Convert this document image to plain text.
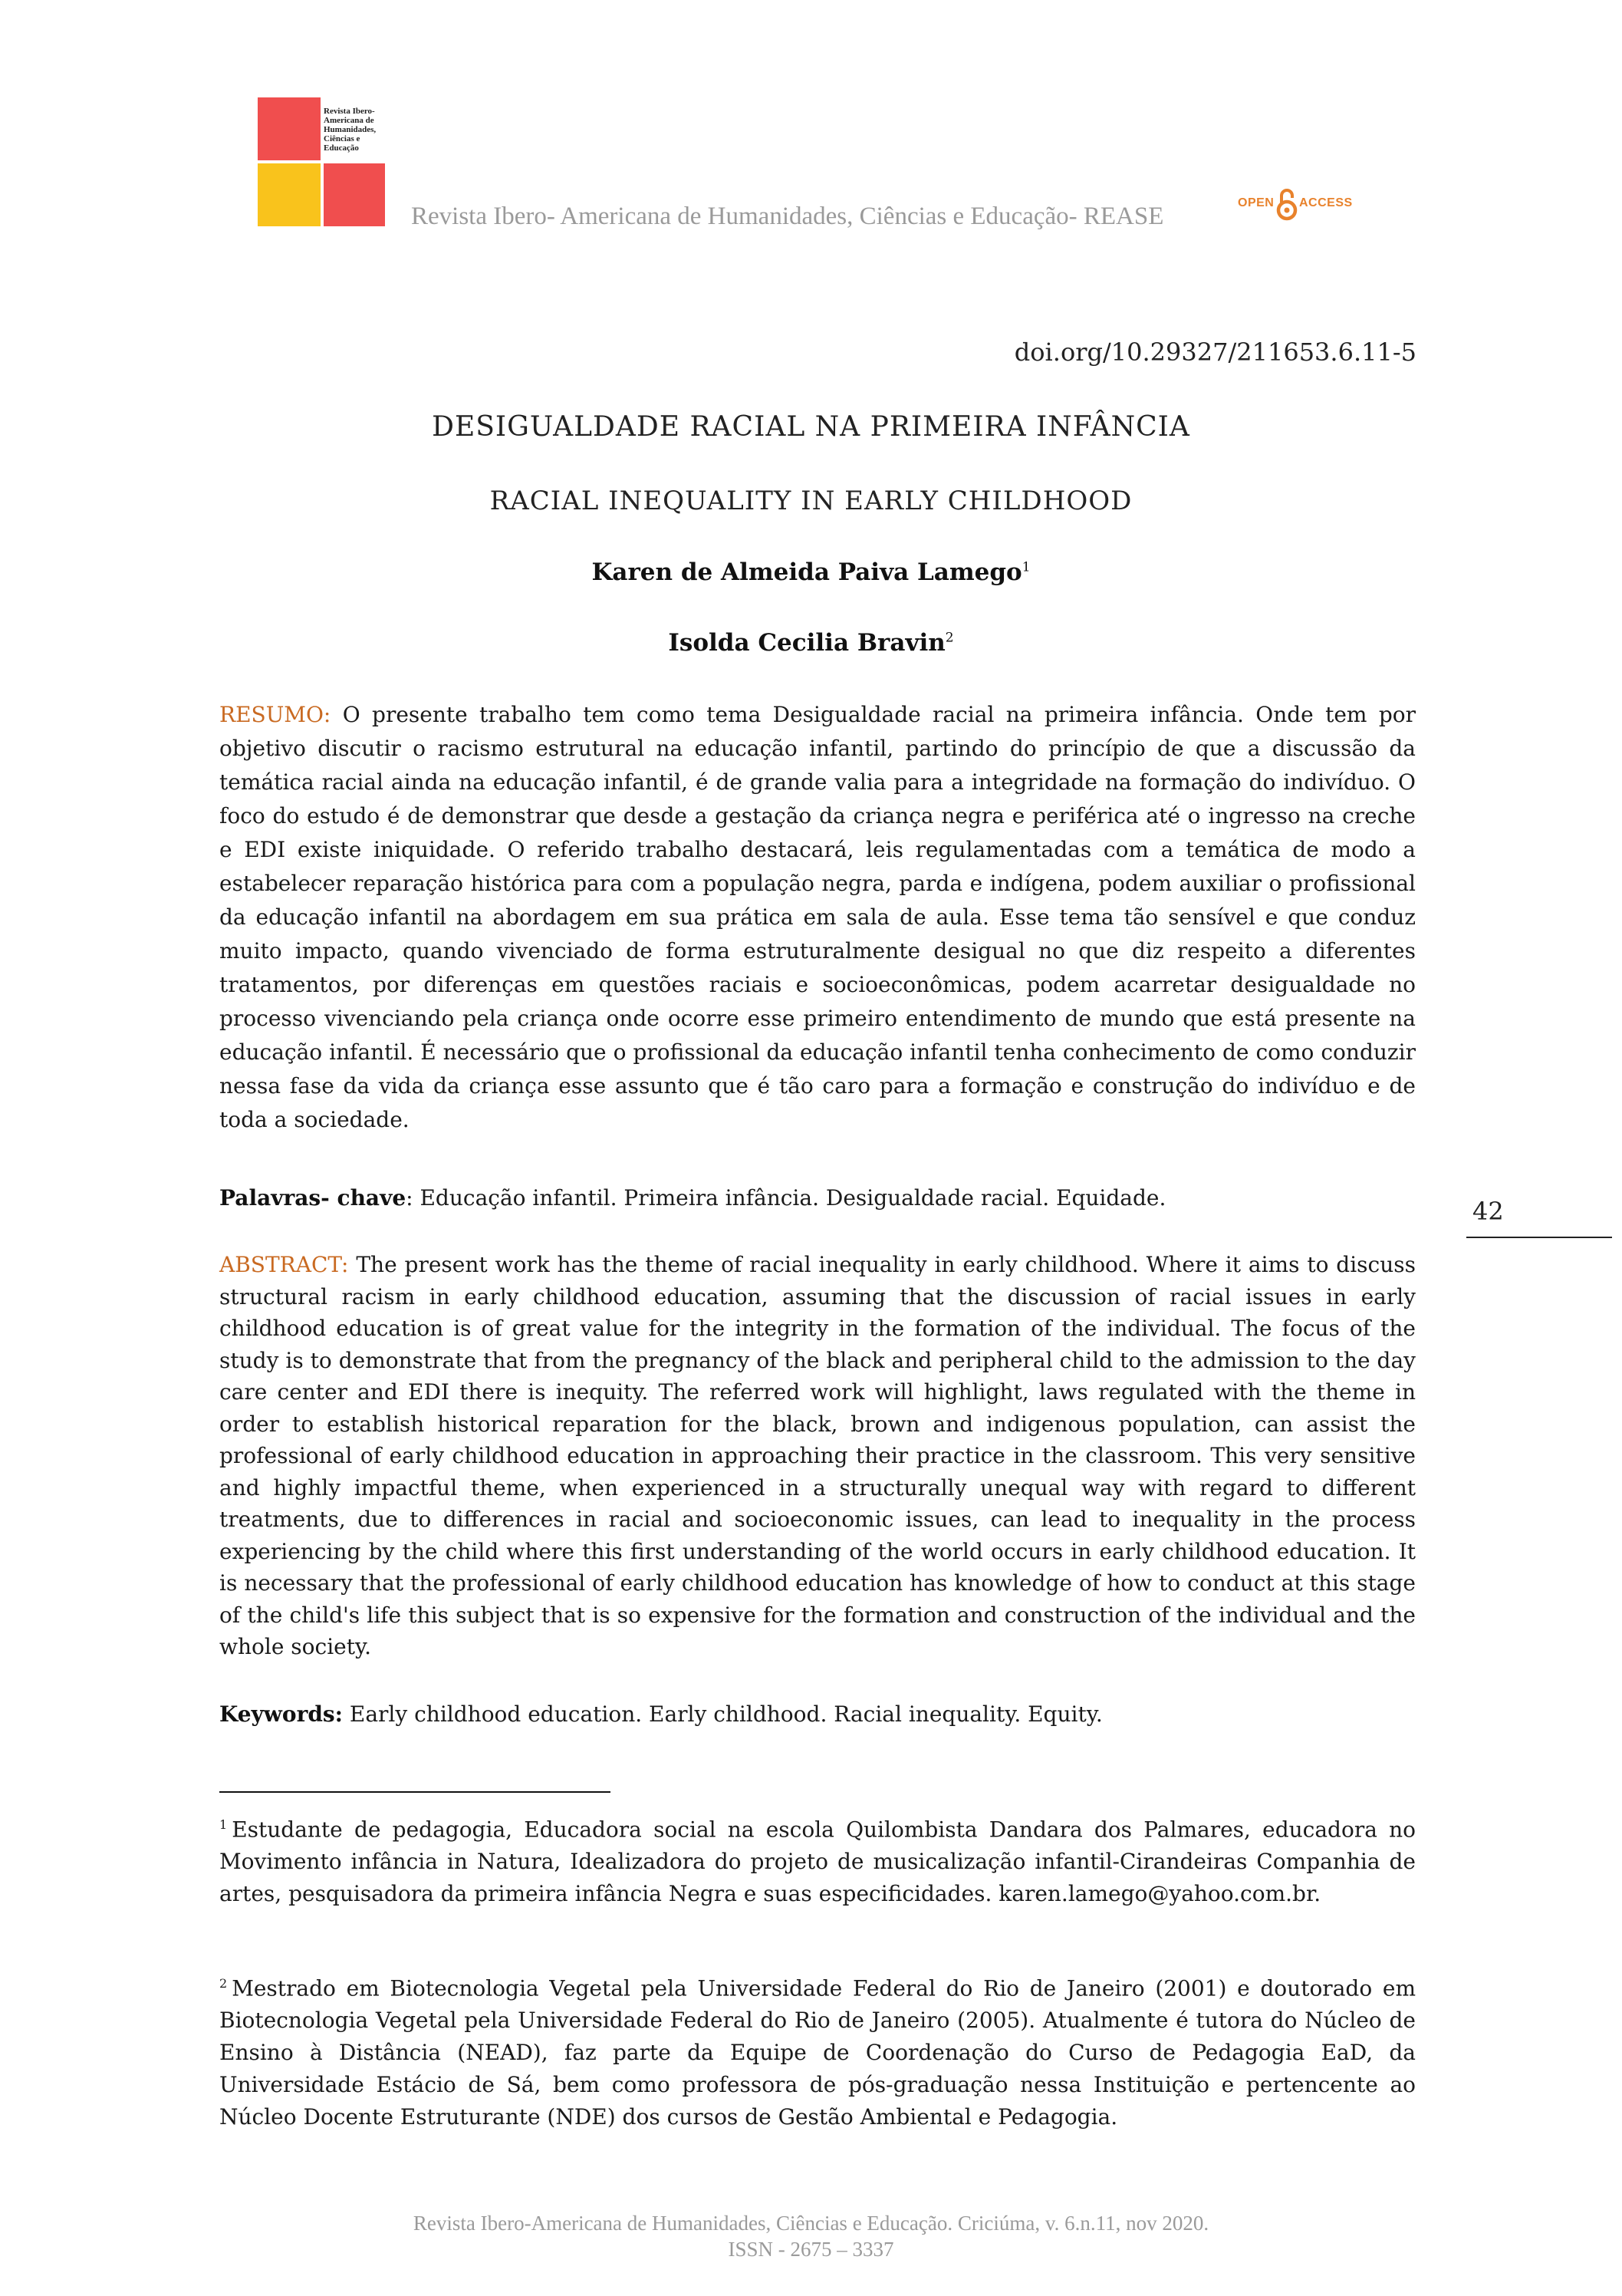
Revista Ibero-Americana de Humanidades, Ciências e Educação
Revista Ibero- Americana de Humanidades, Ciências e Educação- REASE	OPEN ACCESS
doi.org/10.29327/211653.6.11-5
DESIGUALDADE RACIAL NA PRIMEIRA INFÂNCIA
RACIAL INEQUALITY IN EARLY CHILDHOOD
Karen de Almeida Paiva Lamego$^1$
Isolda Cecilia Bravin$^2$
RESUMO: O presente trabalho tem como tema Desigualdade racial na primeira infância. Onde tem por objetivo discutir o racismo estrutural na educação infantil, partindo do princípio de que a discussão da temática racial ainda na educação infantil, é de grande valia para a integridade na formação do indivíduo. O foco do estudo é de demonstrar que desde a gestação da criança negra e periférica até o ingresso na creche e EDI existe iniquidade. O referido trabalho destacará, leis regulamentadas com a temática de modo a estabelecer reparação histórica para com a população negra, parda e indígena, podem auxiliar o profissional da educação infantil na abordagem em sua prática em sala de aula. Esse tema tão sensível e que conduz muito impacto, quando vivenciado de forma estruturalmente desigual no que diz respeito a diferentes tratamentos, por diferenças em questões raciais e socioeconômicas, podem acarretar desigualdade no processo vivenciando pela criança onde ocorre esse primeiro entendimento de mundo que está presente na educação infantil. É necessário que o profissional da educação infantil tenha conhecimento de como conduzir nessa fase da vida da criança esse assunto que é tão caro para a formação e construção do indivíduo e de toda a sociedade.
Palavras- chave: Educação infantil. Primeira infância. Desigualdade racial. Equidade.	42
ABSTRACT: The present work has the theme of racial inequality in early childhood. Where it aims to discuss structural racism in early childhood education, assuming that the discussion of racial issues in early childhood education is of great value for the integrity in the formation of the individual. The focus of the study is to demonstrate that from the pregnancy of the black and peripheral child to the admission to the day care center and EDI there is inequity. The referred work will highlight, laws regulated with the theme in order to establish historical reparation for the black, brown and indigenous population, can assist the professional of early childhood education in approaching their practice in the classroom. This very sensitive and highly impactful theme, when experienced in a structurally unequal way with regard to different treatments, due to differences in racial and socioeconomic issues, can lead to inequality in the process experiencing by the child where this first understanding of the world occurs in early childhood education. It is necessary that the professional of early childhood education has knowledge of how to conduct at this stage of the child's life this subject that is so expensive for the formation and construction of the individual and the whole society.
Keywords: Early childhood education. Early childhood. Racial inequality. Equity.
$^1$ Estudante de pedagogia, Educadora social na escola Quilombista Dandara dos Palmares, educadora no Movimento infância in Natura, Idealizadora do projeto de musicalização infantil-Cirandeiras Companhia de artes, pesquisadora da primeira infância Negra e suas especificidades. karen.lamego@yahoo.com.br.
$^2$ Mestrado em Biotecnologia Vegetal pela Universidade Federal do Rio de Janeiro (2001) e doutorado em Biotecnologia Vegetal pela Universidade Federal do Rio de Janeiro (2005). Atualmente é tutora do Núcleo de Ensino à Distância (NEAD), faz parte da Equipe de Coordenação do Curso de Pedagogia EaD, da Universidade Estácio de Sá, bem como professora de pós-graduação nessa Instituição e pertencente ao Núcleo Docente Estruturante (NDE) dos cursos de Gestão Ambiental e Pedagogia.
Revista Ibero-Americana de Humanidades, Ciências e Educação. Criciúma, v. 6.n.11, nov 2020.
ISSN - 2675 – 3337
